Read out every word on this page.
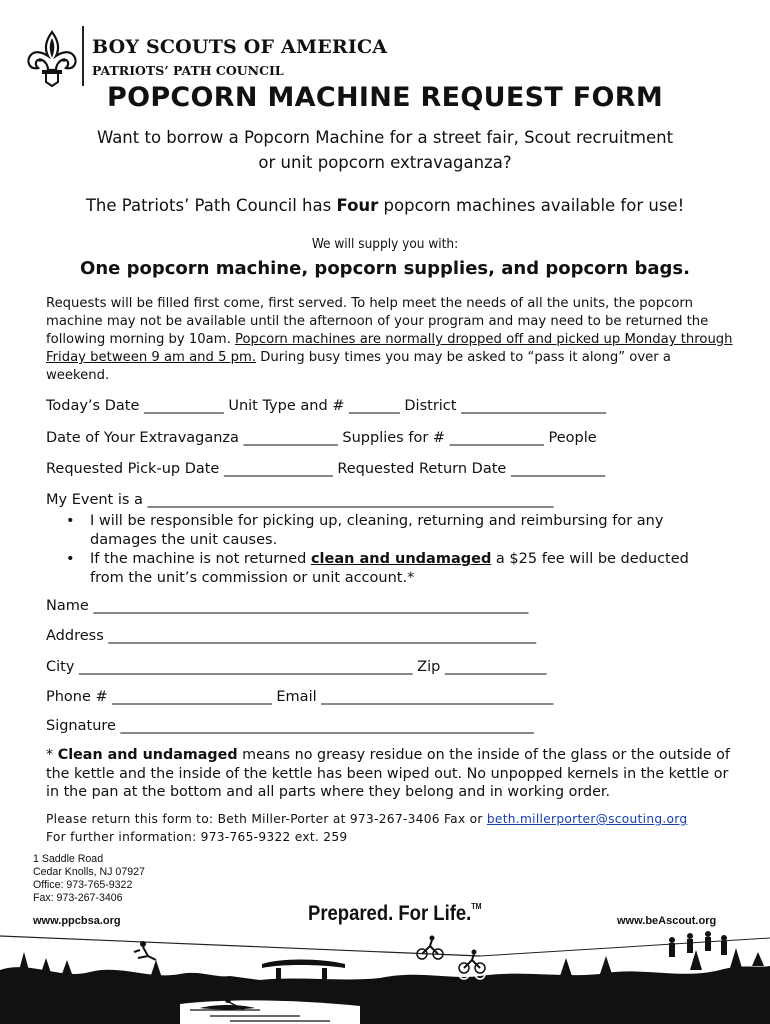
BOY SCOUTS OF AMERICA
PATRIOTS’ PATH COUNCIL
POPCORN MACHINE REQUEST FORM
Want to borrow a Popcorn Machine for a street fair, Scout recruitment
or unit popcorn extravaganza?
The Patriots’ Path Council has Four popcorn machines available for use!
We will supply you with:
One popcorn machine, popcorn supplies, and popcorn bags.
Requests will be filled first come, first served. To help meet the needs of all the units, the popcorn machine may not be available until the afternoon of your program and may need to be returned the following morning by 10am. Popcorn machines are normally dropped off and picked up Monday through Friday between 9 am and 5 pm. During busy times you may be asked to “pass it along” over a weekend.
Today’s Date ___________ Unit Type and # _______ District ____________________
Date of Your Extravaganza _____________ Supplies for # _____________ People
Requested Pick-up Date _______________ Requested Return Date _____________
My Event is a ________________________________________________________
•	I will be responsible for picking up, cleaning, returning and reimbursing for any damages the unit causes.
•	If the machine is not returned clean and undamaged a $25 fee will be deducted from the unit’s commission or unit account.*
Name ____________________________________________________________
Address ___________________________________________________________
City ______________________________________________ Zip ______________
Phone # ______________________ Email ________________________________
Signature _________________________________________________________
* Clean and undamaged means no greasy residue on the inside of the glass or the outside of the kettle and the inside of the kettle has been wiped out. No unpopped kernels in the kettle or in the pan at the bottom and all parts where they belong and in working order.
Please return this form to: Beth Miller-Porter at 973-267-3406 Fax or beth.millerporter@scouting.org
For further information: 973-765-9322 ext. 259
1 Saddle Road
Cedar Knolls, NJ 07927
Office: 973-765-9322
Fax: 973-267-3406
www.ppcbsa.org	Prepared. For Life.™
www.beAscout.org
